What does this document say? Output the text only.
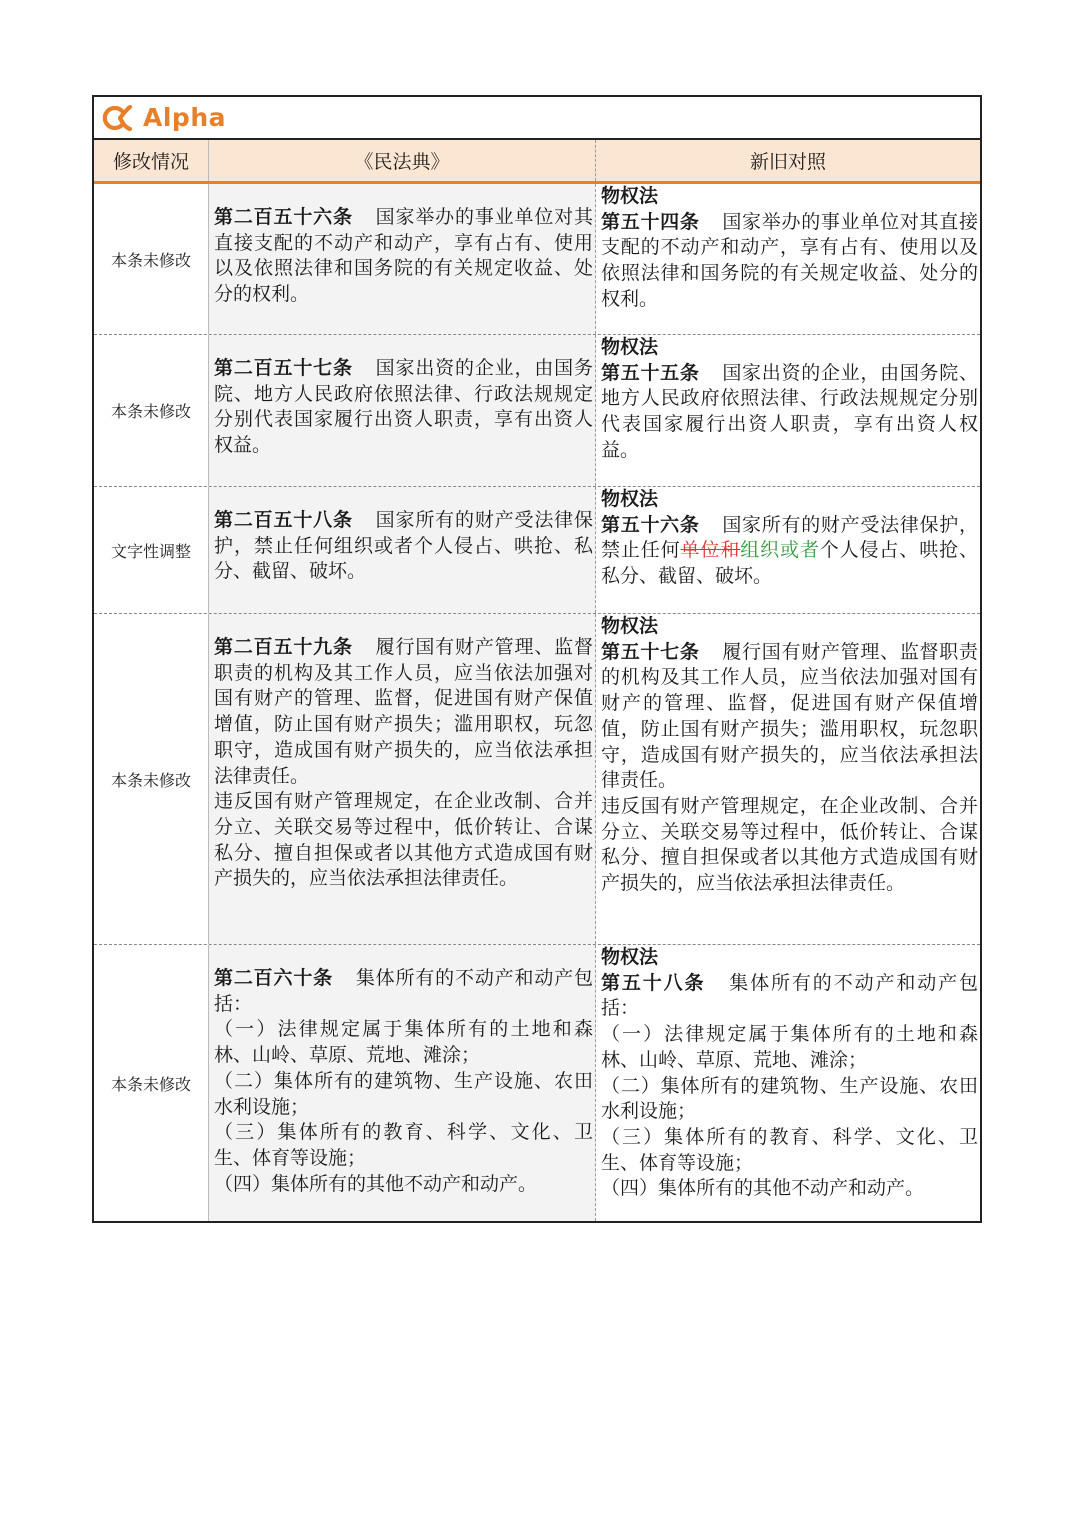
Alpha
修改情况	《民法典》	新旧对照
本条未修改
第二百五十六条 国家举办的事业单位对其直接支配的不动产和动产，享有占有、使用以及依照法律和国务院的有关规定收益、处分的权利。
物权法
第五十四条 国家举办的事业单位对其直接支配的不动产和动产，享有占有、使用以及依照法律和国务院的有关规定收益、处分的权利。
本条未修改
第二百五十七条 国家出资的企业，由国务院、地方人民政府依照法律、行政法规规定分别代表国家履行出资人职责，享有出资人权益。
物权法
第五十五条 国家出资的企业，由国务院、地方人民政府依照法律、行政法规规定分别代表国家履行出资人职责，享有出资人权益。
文字性调整
第二百五十八条 国家所有的财产受法律保护，禁止任何组织或者个人侵占、哄抢、私分、截留、破坏。
物权法
第五十六条 国家所有的财产受法律保护，禁止任何单位和组织或者个人侵占、哄抢、私分、截留、破坏。
本条未修改
第二百五十九条 履行国有财产管理、监督职责的机构及其工作人员，应当依法加强对国有财产的管理、监督，促进国有财产保值增值，防止国有财产损失；滥用职权，玩忽职守，造成国有财产损失的，应当依法承担法律责任。
违反国有财产管理规定，在企业改制、合并分立、关联交易等过程中，低价转让、合谋私分、擅自担保或者以其他方式造成国有财产损失的，应当依法承担法律责任。
物权法
第五十七条 履行国有财产管理、监督职责的机构及其工作人员，应当依法加强对国有财产的管理、监督，促进国有财产保值增值，防止国有财产损失；滥用职权，玩忽职守，造成国有财产损失的，应当依法承担法律责任。
违反国有财产管理规定，在企业改制、合并分立、关联交易等过程中，低价转让、合谋私分、擅自担保或者以其他方式造成国有财产损失的，应当依法承担法律责任。
本条未修改
第二百六十条 集体所有的不动产和动产包括：
（一）法律规定属于集体所有的土地和森林、山岭、草原、荒地、滩涂；
（二）集体所有的建筑物、生产设施、农田水利设施；
（三）集体所有的教育、科学、文化、卫生、体育等设施；
（四）集体所有的其他不动产和动产。
物权法
第五十八条 集体所有的不动产和动产包括：
（一）法律规定属于集体所有的土地和森林、山岭、草原、荒地、滩涂；
（二）集体所有的建筑物、生产设施、农田水利设施；
（三）集体所有的教育、科学、文化、卫生、体育等设施；
（四）集体所有的其他不动产和动产。
